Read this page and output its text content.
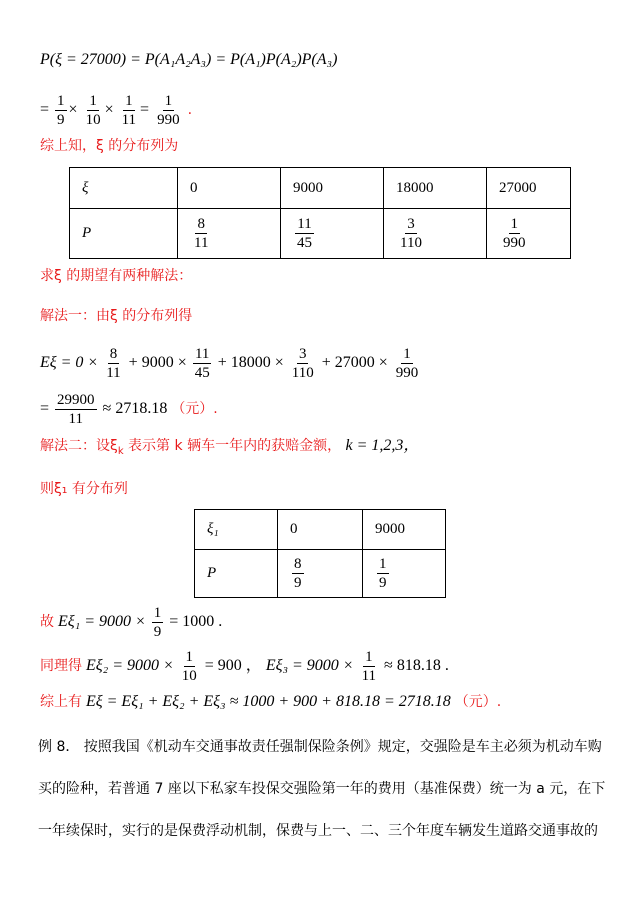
P(ξ = 27000) = P(A₁A₂A₃) = P(A₁)P(A₂)P(A₃)
= $\frac{1}{9} \times \frac{1}{10} \times \frac{1}{11} = \frac{1}{990}$ .
综上知，ξ 的分布列为
ξ	0	9000	18000	27000
P	$\frac{8}{11}$	$\frac{11}{45}$	$\frac{3}{110}$	$\frac{1}{990}$
求ξ 的期望有两种解法：
解法一：由ξ 的分布列得
$E\xi = 0 \times \frac{8}{11} + 9000 \times \frac{11}{45} + 18000 \times \frac{3}{110} + 27000 \times \frac{1}{990}$
= $\frac{29900}{11} \approx 2718.18$ （元）.
解法二：设$\xi_k$ 表示第 k 辆车一年内的获赔金额， k = 1,2,3，
则ξ₁ 有分布列
ξ₁	0	9000
P	$\frac{8}{9}$	$\frac{1}{9}$
故 $E\xi_1 = 9000 \times \frac{1}{9} = 1000$ .
同理得 $E\xi_2 = 9000 \times \frac{1}{10} = 900$ ， $E\xi_3 = 9000 \times \frac{1}{11} \approx 818.18$ .
综上有 Eξ = Eξ₁ + Eξ₂ + Eξ₃ ≈ 1000 + 900 + 818.18 = 2718.18 （元）.
例 8． 按照我国《机动车交通事故责任强制保险条例》规定，交强险是车主必须为机动车购
买的险种，若普通 7 座以下私家车投保交强险第一年的费用（基准保费）统一为 a 元，在下
一年续保时，实行的是保费浮动机制，保费与上一、二、三个年度车辆发生道路交通事故的
